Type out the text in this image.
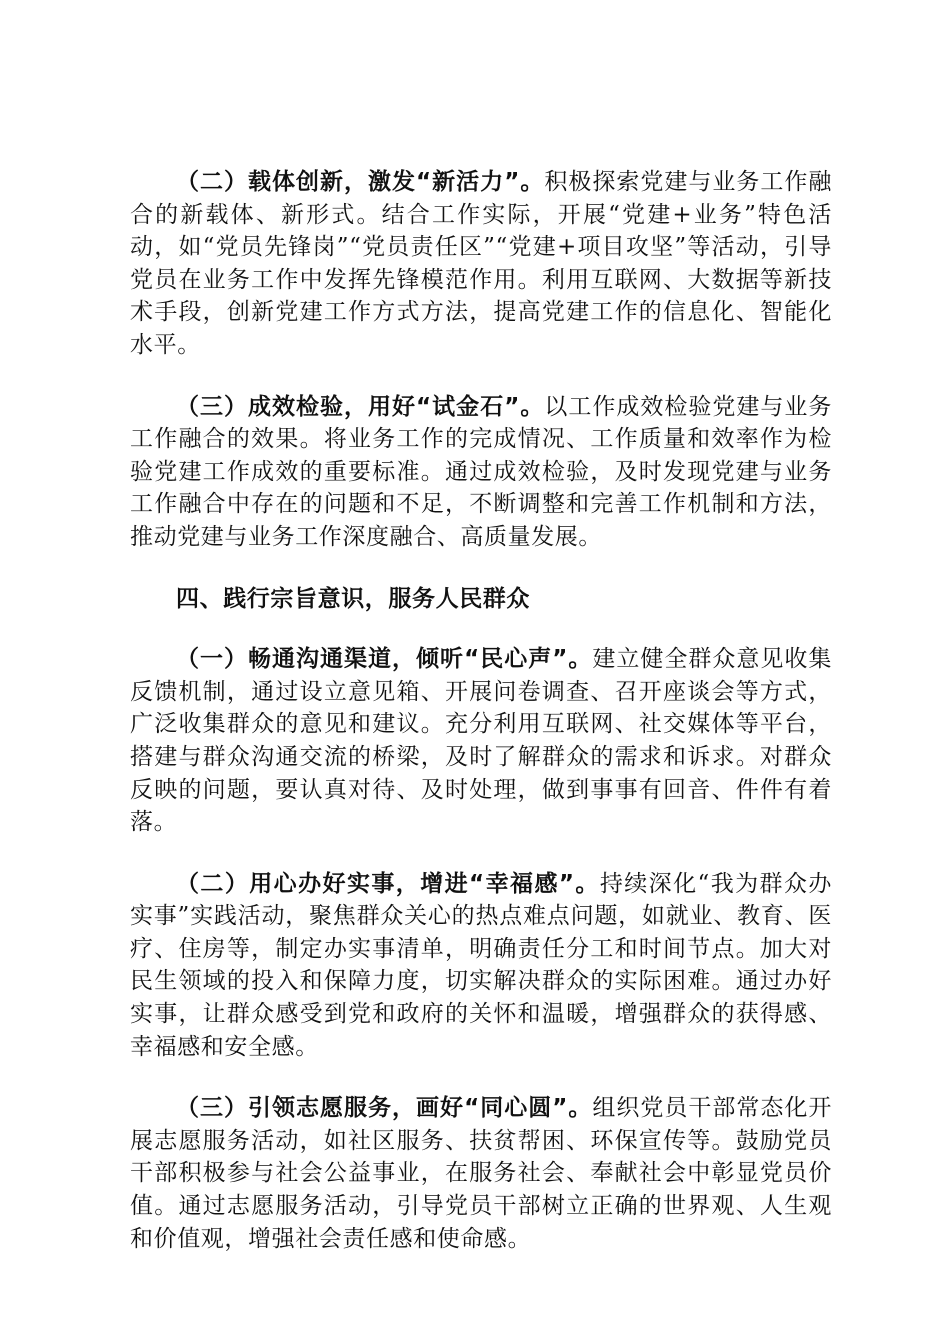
（二）载体创新，激发“新活力”。积极探索党建与业务工作融合的新载体、新形式。结合工作实际，开展“党建+业务”特色活动，如“党员先锋岗”“党员责任区”“党建+项目攻坚”等活动，引导党员在业务工作中发挥先锋模范作用。利用互联网、大数据等新技术手段，创新党建工作方式方法，提高党建工作的信息化、智能化水平。

（三）成效检验，用好“试金石”。以工作成效检验党建与业务工作融合的效果。将业务工作的完成情况、工作质量和效率作为检验党建工作成效的重要标准。通过成效检验，及时发现党建与业务工作融合中存在的问题和不足，不断调整和完善工作机制和方法，推动党建与业务工作深度融合、高质量发展。

四、践行宗旨意识，服务人民群众

（一）畅通沟通渠道，倾听“民心声”。建立健全群众意见收集反馈机制，通过设立意见箱、开展问卷调查、召开座谈会等方式，广泛收集群众的意见和建议。充分利用互联网、社交媒体等平台，搭建与群众沟通交流的桥梁，及时了解群众的需求和诉求。对群众反映的问题，要认真对待、及时处理，做到事事有回音、件件有着落。

（二）用心办好实事，增进“幸福感”。持续深化“我为群众办实事”实践活动，聚焦群众关心的热点难点问题，如就业、教育、医疗、住房等，制定办实事清单，明确责任分工和时间节点。加大对民生领域的投入和保障力度，切实解决群众的实际困难。通过办好实事，让群众感受到党和政府的关怀和温暖，增强群众的获得感、幸福感和安全感。

（三）引领志愿服务，画好“同心圆”。组织党员干部常态化开展志愿服务活动，如社区服务、扶贫帮困、环保宣传等。鼓励党员干部积极参与社会公益事业，在服务社会、奉献社会中彰显党员价值。通过志愿服务活动，引导党员干部树立正确的世界观、人生观和价值观，增强社会责任感和使命感。
